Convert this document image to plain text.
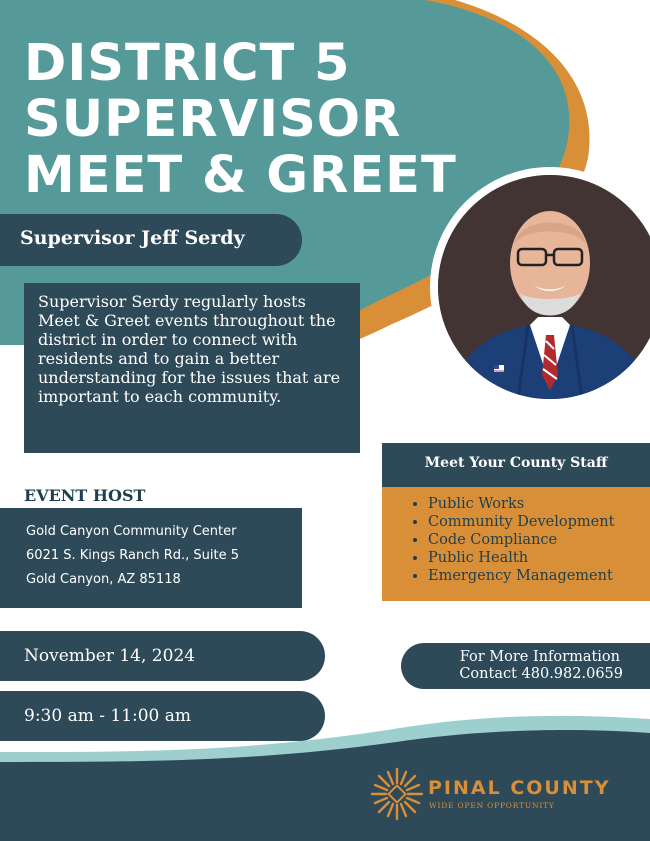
DISTRICT 5
SUPERVISOR
MEET & GREET
Supervisor Jeff Serdy

Supervisor Serdy regularly hosts Meet & Greet events throughout the district in order to connect with residents and to gain a better understanding for the issues that are important to each community.

EVENT HOST
Gold Canyon Community Center
6021 S. Kings Ranch Rd., Suite 5
Gold Canyon, AZ 85118
Meet Your County Staff
• Public Works
• Community Development
• Code Compliance
• Public Health
• Emergency Management
November 14, 2024
9:30 am - 11:00 am
For More Information
Contact 480.982.0659
PINAL COUNTY
WIDE OPEN OPPORTUNITY
